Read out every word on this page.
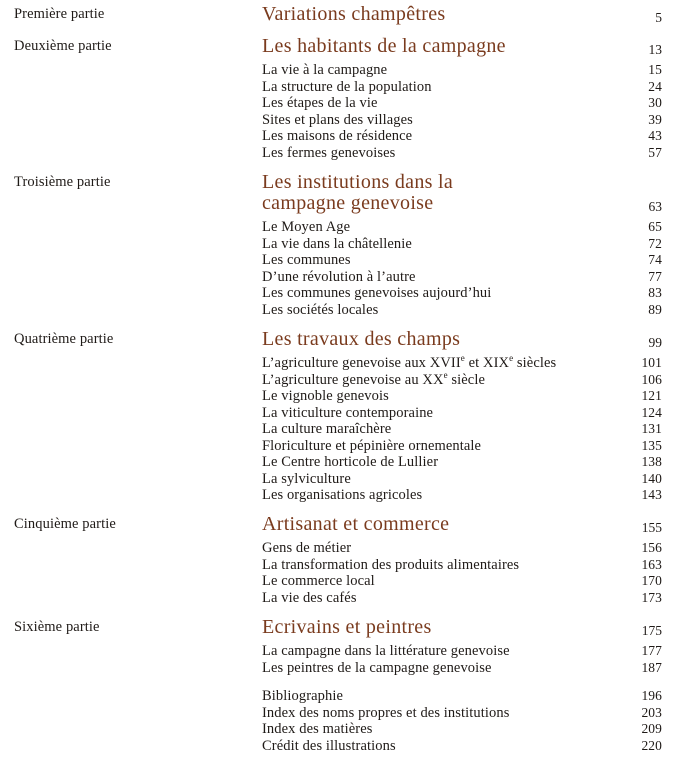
Première partie	Variations champêtres	5
Deuxième partie	Les habitants de la campagne	13
La vie à la campagne	15
La structure de la population	24
Les étapes de la vie	30
Sites et plans des villages	39
Les maisons de résidence	43
Les fermes genevoises	57
Troisième partie	Les institutions dans la
campagne genevoise	63
Le Moyen Age	65
La vie dans la châtellenie	72
Les communes	74
D’une révolution à l’autre	77
Les communes genevoises aujourd’hui	83
Les sociétés locales	89
Quatrième partie	Les travaux des champs	99
L’agriculture genevoise aux XVIIe et XIXe siècles	101
L’agriculture genevoise au XXe siècle	106
Le vignoble genevois	121
La viticulture contemporaine	124
La culture maraîchère	131
Floriculture et pépinière ornementale	135
Le Centre horticole de Lullier	138
La sylviculture	140
Les organisations agricoles	143
Cinquième partie	Artisanat et commerce	155
Gens de métier	156
La transformation des produits alimentaires	163
Le commerce local	170
La vie des cafés	173
Sixième partie	Ecrivains et peintres	175
La campagne dans la littérature genevoise	177
Les peintres de la campagne genevoise	187
Bibliographie	196
Index des noms propres et des institutions	203
Index des matières	209
Crédit des illustrations	220
